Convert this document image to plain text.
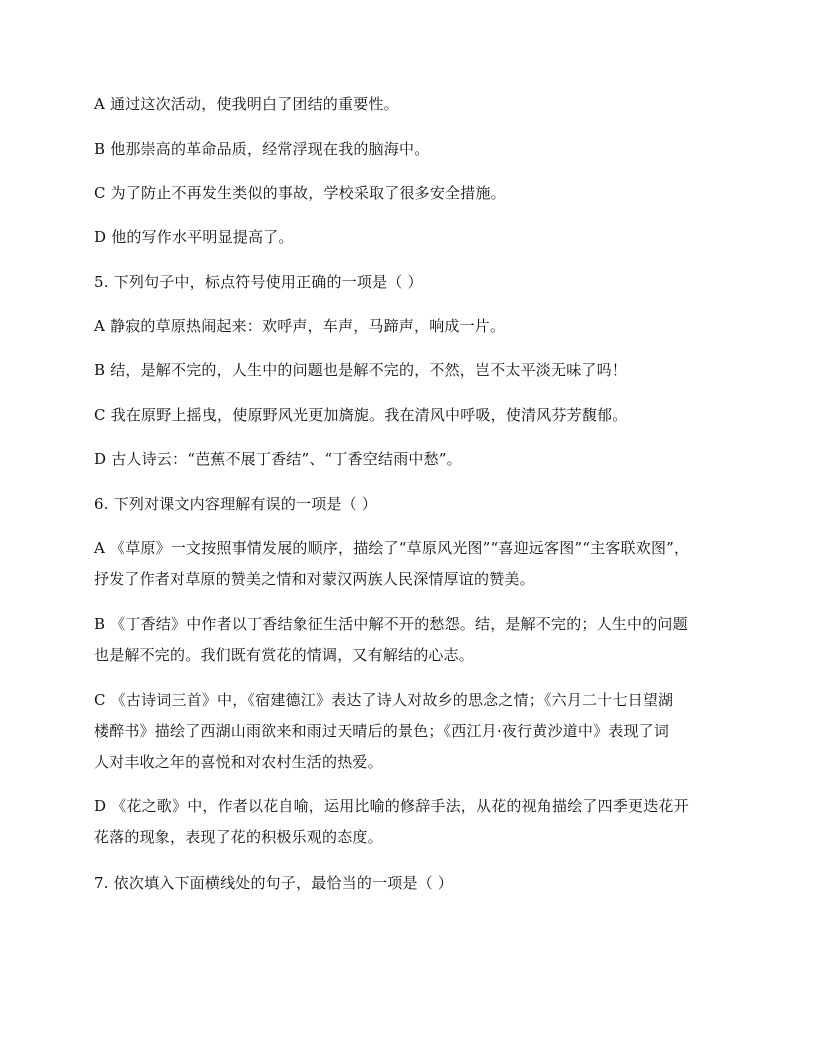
A 通过这次活动，使我明白了团结的重要性。
B 他那崇高的革命品质，经常浮现在我的脑海中。
C 为了防止不再发生类似的事故，学校采取了很多安全措施。
D 他的写作水平明显提高了。
5. 下列句子中，标点符号使用正确的一项是（ ）
A 静寂的草原热闹起来：欢呼声，车声，马蹄声，响成一片。
B 结，是解不完的，人生中的问题也是解不完的，不然，岂不太平淡无味了吗！
C 我在原野上摇曳，使原野风光更加旖旎。我在清风中呼吸，使清风芬芳馥郁。
D 古人诗云：“芭蕉不展丁香结”、“丁香空结雨中愁”。
6. 下列对课文内容理解有误的一项是（ ）
A 《草原》一文按照事情发展的顺序，描绘了“草原风光图”“喜迎远客图”“主客联欢图”，
抒发了作者对草原的赞美之情和对蒙汉两族人民深情厚谊的赞美。
B 《丁香结》中作者以丁香结象征生活中解不开的愁怨。结，是解不完的；人生中的问题
也是解不完的。我们既有赏花的情调，又有解结的心志。
C 《古诗词三首》中，《宿建德江》表达了诗人对故乡的思念之情；《六月二十七日望湖
楼醉书》描绘了西湖山雨欲来和雨过天晴后的景色；《西江月·夜行黄沙道中》表现了词
人对丰收之年的喜悦和对农村生活的热爱。
D 《花之歌》中，作者以花自喻，运用比喻的修辞手法，从花的视角描绘了四季更迭花开
花落的现象，表现了花的积极乐观的态度。
7. 依次填入下面横线处的句子，最恰当的一项是（ ）
